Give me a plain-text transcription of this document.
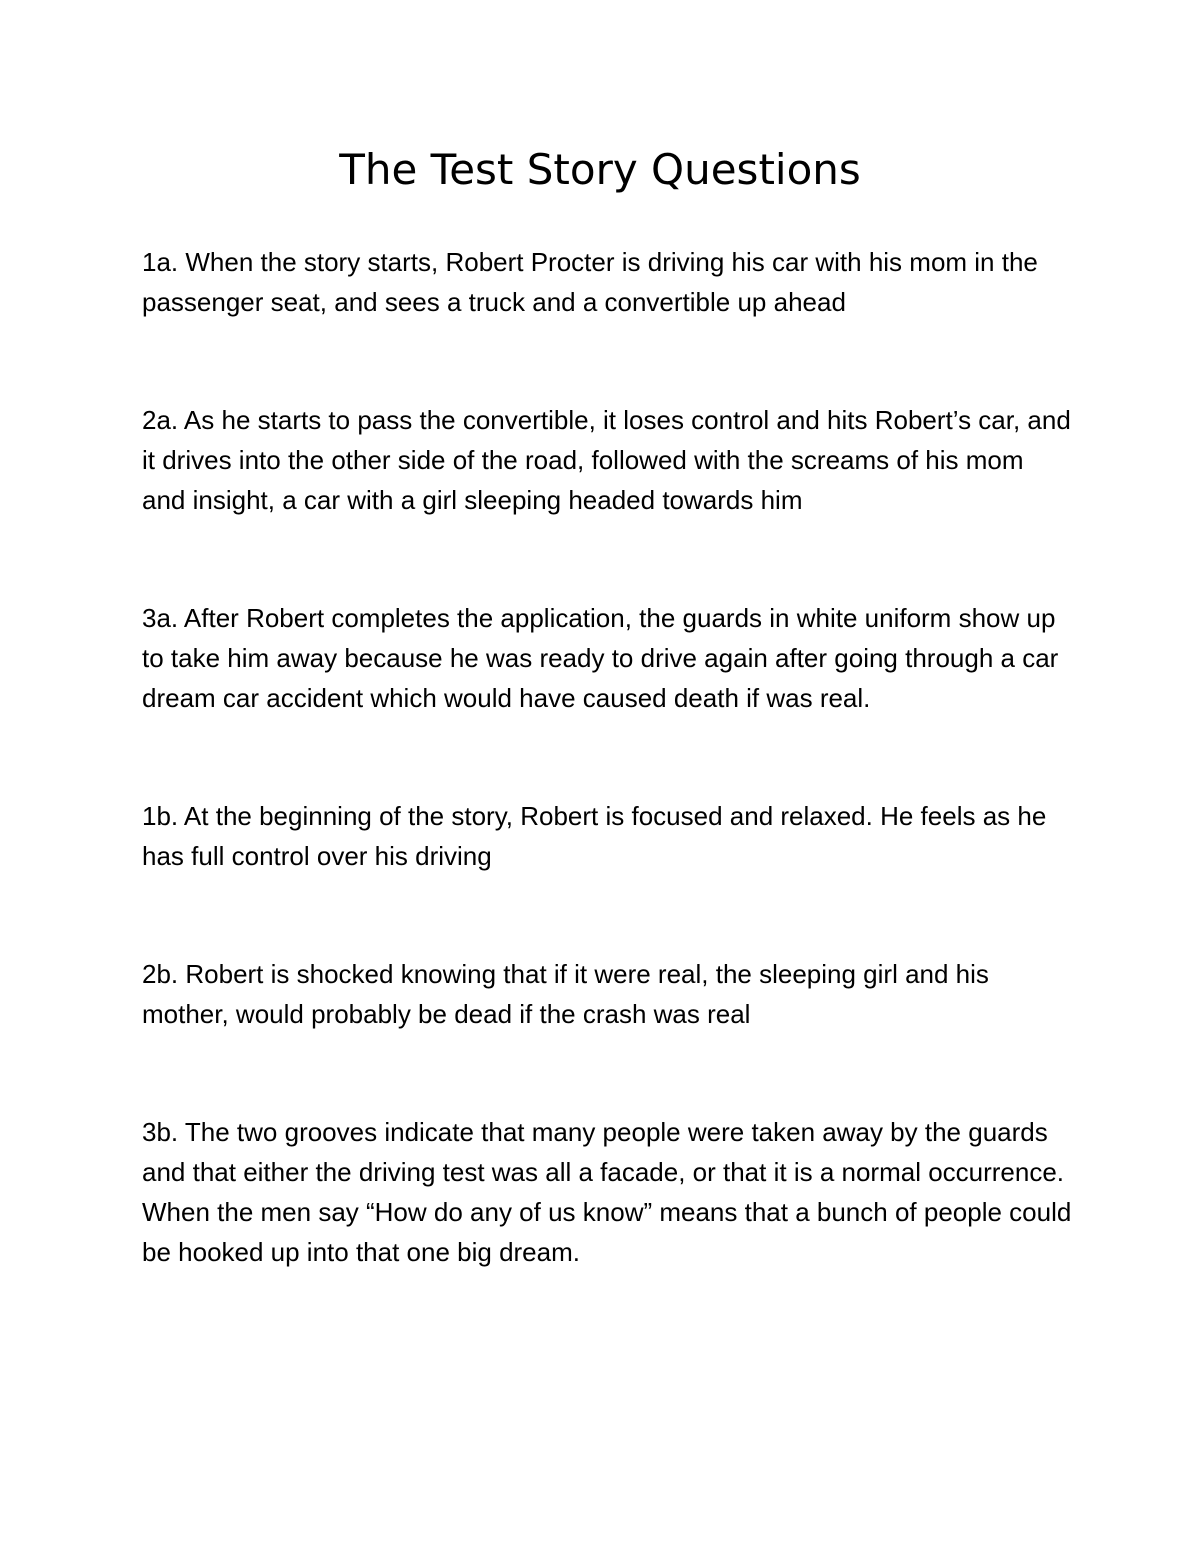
The Test Story Questions
1a. When the story starts, Robert Procter is driving his car with his mom in the passenger seat, and sees a truck and a convertible up ahead
2a. As he starts to pass the convertible, it loses control and hits Robert’s car, and it drives into the other side of the road, followed with the screams of his mom and insight, a car with a girl sleeping headed towards him
3a. After Robert completes the application, the guards in white uniform show up to take him away because he was ready to drive again after going through a car dream car accident which would have caused death if was real.
1b. At the beginning of the story, Robert is focused and relaxed. He feels as he has full control over his driving
2b. Robert is shocked knowing that if it were real, the sleeping girl and his mother, would probably be dead if the crash was real
3b. The two grooves indicate that many people were taken away by the guards and that either the driving test was all a facade, or that it is a normal occurrence. When the men say “How do any of us know” means that a bunch of people could be hooked up into that one big dream.
